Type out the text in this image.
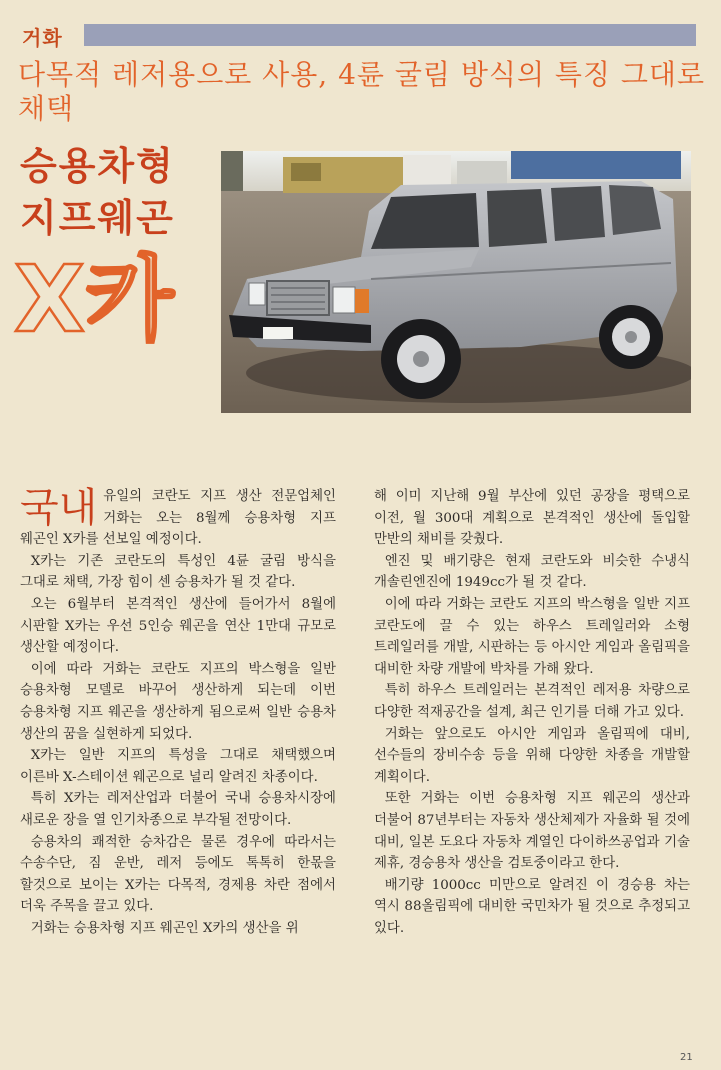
거화
다목적 레저용으로 사용, 4륜 굴림 방식의 특징 그대로 채택
승용차형
지프웨곤
X카

국내 유일의 코란도 지프 생산 전문업체인 거화는 오는 8월께 승용차형 지프 웨곤인 X카를 선보일 예정이다.

X카는 기존 코란도의 특성인 4륜 굴림 방식을 그대로 채택, 가장 힘이 센 승용차가 될 것 같다.

오는 6월부터 본격적인 생산에 들어가서 8월에 시판할 X카는 우선 5인승 웨곤을 연산 1만대 규모로 생산할 예정이다.

이에 따라 거화는 코란도 지프의 박스형을 일반 승용차형 모델로 바꾸어 생산하게 되는데 이번 승용차형 지프 웨곤을 생산하게 됨으로써 일반 승용차 생산의 꿈을 실현하게 되었다.

X카는 일반 지프의 특성을 그대로 채택했으며 이른바 X-스테이션 웨곤으로 널리 알려진 차종이다.

특히 X카는 레저산업과 더불어 국내 승용차시장에 새로운 장을 열 인기차종으로 부각될 전망이다.

승용차의 쾌적한 승차감은 물론 경우에 따라서는 수송수단, 짐 운반, 레저 등에도 톡톡히 한몫을 할것으로 보이는 X카는 다목적, 경제용 차란 점에서 더욱 주목을 끌고 있다.

거화는 승용차형 지프 웨곤인 X카의 생산을 위

해 이미 지난해 9월 부산에 있던 공장을 평택으로 이전, 월 300대 계획으로 본격적인 생산에 돌입할 만반의 채비를 갖췄다.

엔진 및 배기량은 현재 코란도와 비슷한 수냉식 개솔린엔진에 1949cc가 될 것 같다.

이에 따라 거화는 코란도 지프의 박스형을 일반 지프 코란도에 끌 수 있는 하우스 트레일러와 소형 트레일러를 개발, 시판하는 등 아시안 게임과 올림픽을 대비한 차량 개발에 박차를 가해 왔다.

특히 하우스 트레일러는 본격적인 레저용 차량으로 다양한 적재공간을 설계, 최근 인기를 더해 가고 있다.

거화는 앞으로도 아시안 게임과 올림픽에 대비, 선수들의 장비수송 등을 위해 다양한 차종을 개발할 계획이다.

또한 거화는 이번 승용차형 지프 웨곤의 생산과 더불어 87년부터는 자동차 생산체제가 자율화 될 것에 대비, 일본 도요다 자동차 계열인 다이하쓰공업과 기술 제휴, 경승용차 생산을 검토중이라고 한다.

배기량 1000cc 미만으로 알려진 이 경승용 차는 역시 88올림픽에 대비한 국민차가 될 것으로 추정되고 있다.

21
